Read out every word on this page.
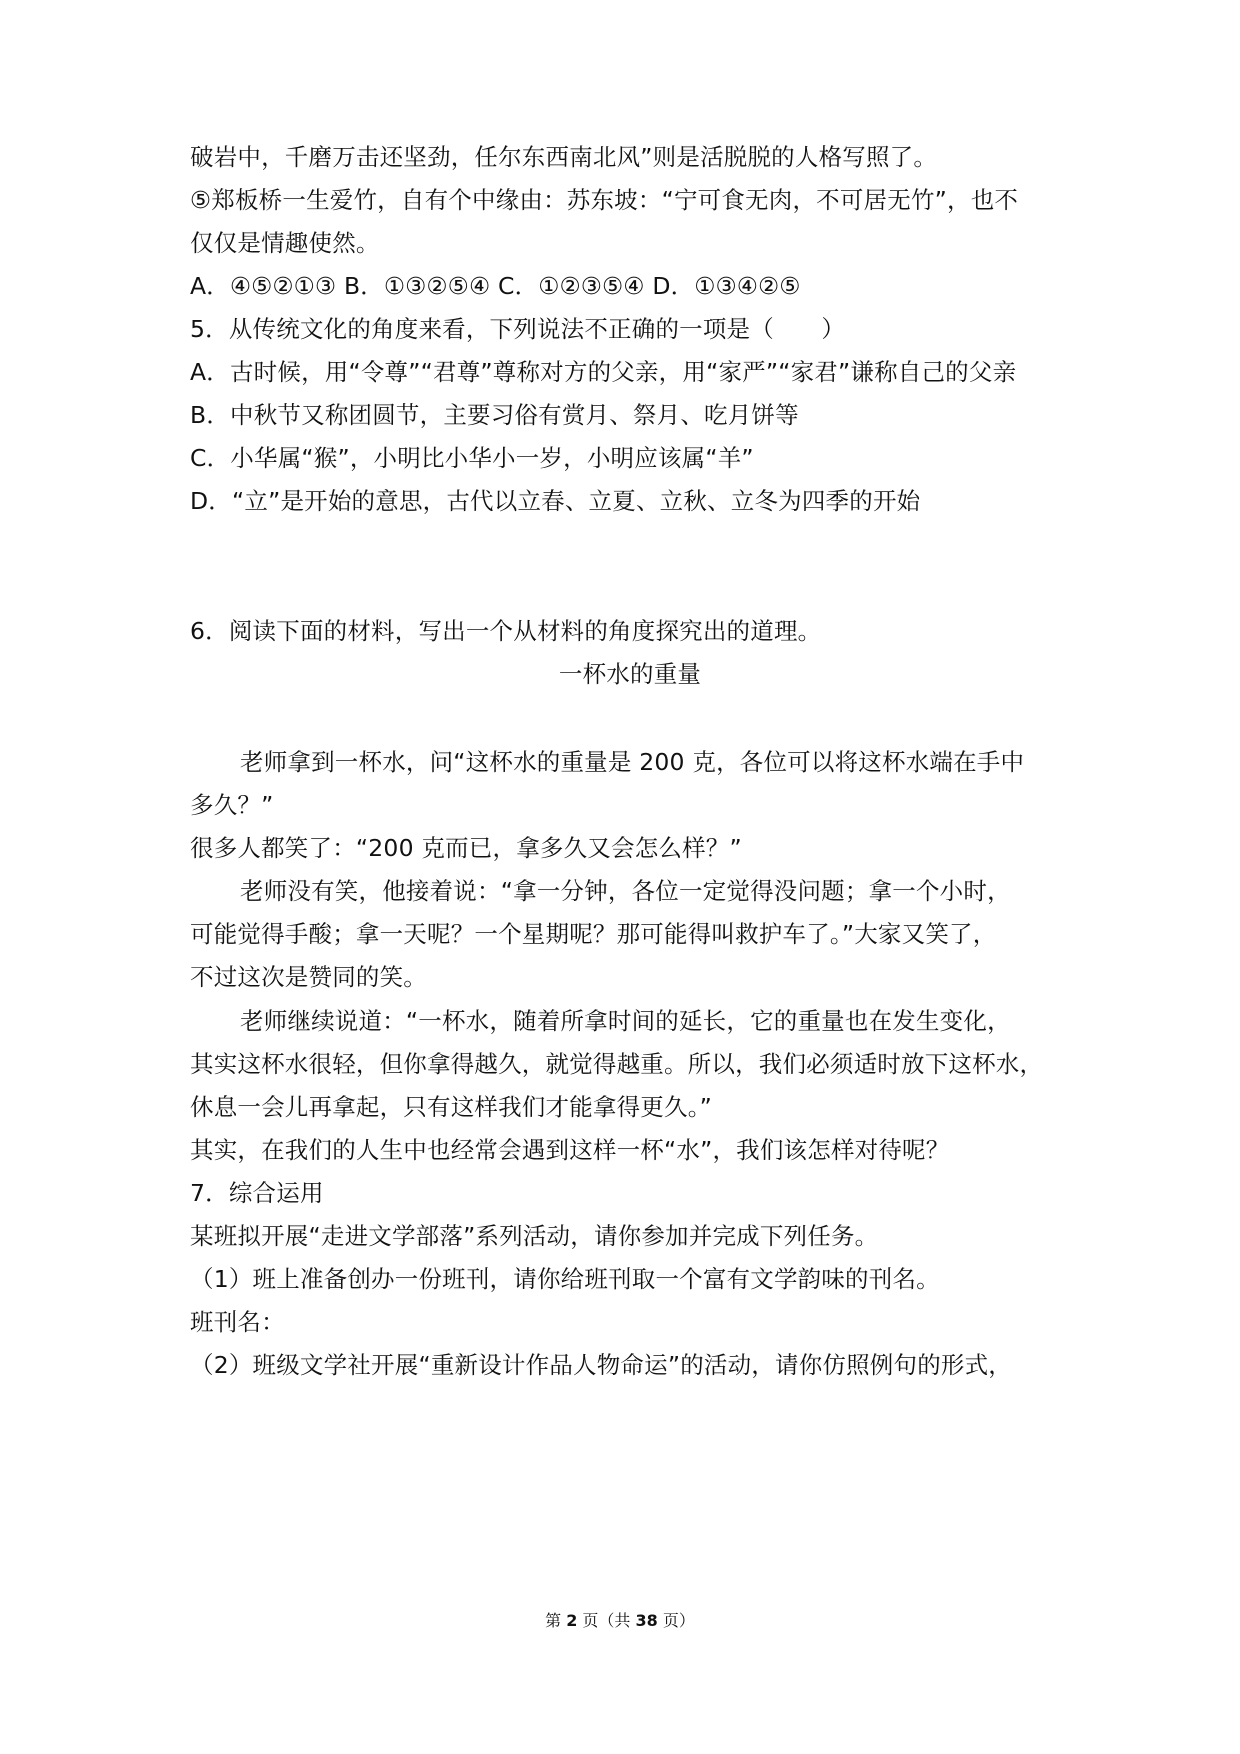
破岩中，千磨万击还坚劲，任尔东西南北风”则是活脱脱的人格写照了。
⑤郑板桥一生爱竹，自有个中缘由：苏东坡：“宁可食无肉，不可居无竹”，也不
仅仅是情趣使然。
A．④⑤②①③ B．①③②⑤④ C．①②③⑤④ D．①③④②⑤
5．从传统文化的角度来看，下列说法不正确的一项是（　　）
A．古时候，用“令尊”“君尊”尊称对方的父亲，用“家严”“家君”谦称自己的父亲
B．中秋节又称团圆节，主要习俗有赏月、祭月、吃月饼等
C．小华属“猴”，小明比小华小一岁，小明应该属“羊”
D．“立”是开始的意思，古代以立春、立夏、立秋、立冬为四季的开始
6．阅读下面的材料，写出一个从材料的角度探究出的道理。
一杯水的重量
老师拿到一杯水，问“这杯水的重量是 200 克，各位可以将这杯水端在手中
多久？”
很多人都笑了：“200 克而已，拿多久又会怎么样？”
老师没有笑，他接着说：“拿一分钟，各位一定觉得没问题；拿一个小时，
可能觉得手酸；拿一天呢？一个星期呢？那可能得叫救护车了。”大家又笑了，
不过这次是赞同的笑。
老师继续说道：“一杯水，随着所拿时间的延长，它的重量也在发生变化，
其实这杯水很轻，但你拿得越久，就觉得越重。所以，我们必须适时放下这杯水，
休息一会儿再拿起，只有这样我们才能拿得更久。”
其实，在我们的人生中也经常会遇到这样一杯“水”，我们该怎样对待呢？
7．综合运用
某班拟开展“走进文学部落”系列活动，请你参加并完成下列任务。
（1）班上准备创办一份班刊，请你给班刊取一个富有文学韵味的刊名。
班刊名：
（2）班级文学社开展“重新设计作品人物命运”的活动，请你仿照例句的形式，
第 2 页（共 38 页）
